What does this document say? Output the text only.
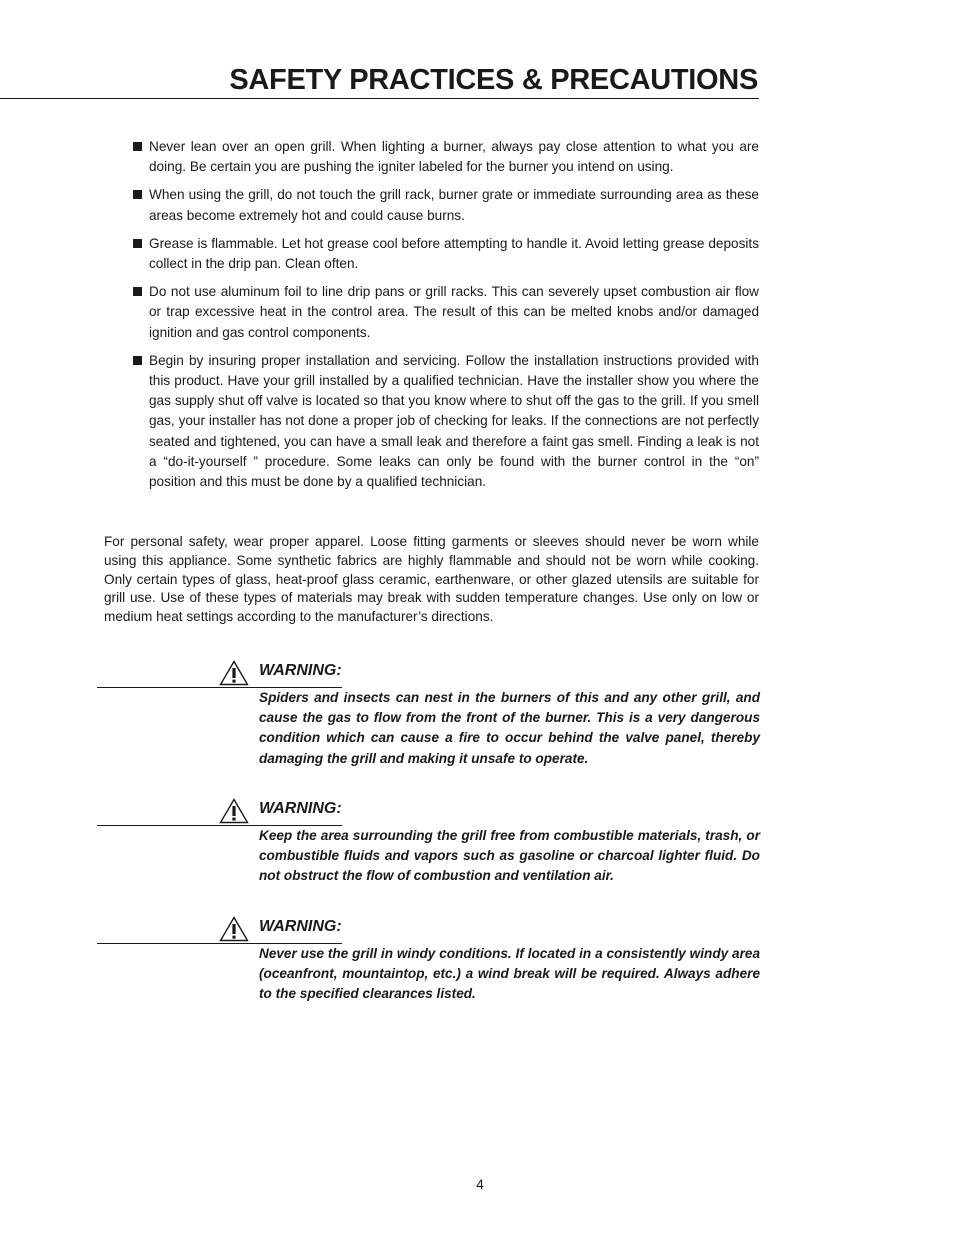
SAFETY PRACTICES & PRECAUTIONS
Never lean over an open grill. When lighting a burner, always pay close attention to what you are doing. Be certain you are pushing the igniter labeled for the burner you intend on using.
When using the grill, do not touch the grill rack, burner grate or immediate surrounding area as these areas become extremely hot and could cause burns.
Grease is flammable. Let hot grease cool before attempting to handle it. Avoid letting grease deposits collect in the drip pan. Clean often.
Do not use aluminum foil to line drip pans or grill racks. This can severely upset combustion air flow or trap excessive heat in the control area. The result of this can be melted knobs and/or damaged ignition and gas control components.
Begin by insuring proper installation and servicing. Follow the installation instructions provided with this product. Have your grill installed by a qualified technician. Have the installer show you where the gas supply shut off valve is located so that you know where to shut off the gas to the grill. If you smell gas, your installer has not done a proper job of checking for leaks. If the connections are not perfectly seated and tightened, you can have a small leak and therefore a faint gas smell. Finding a leak is not a “do-it-yourself ” procedure. Some leaks can only be found with the burner control in the “on” position and this must be done by a qualified technician.

For personal safety, wear proper apparel. Loose fitting garments or sleeves should never be worn while using this appliance. Some synthetic fabrics are highly flammable and should not be worn while cooking. Only certain types of glass, heat-proof glass ceramic, earthenware, or other glazed utensils are suitable for grill use. Use of these types of materials may break with sudden temperature changes. Use only on low or medium heat settings according to the manufacturer’s directions.

WARNING:

Spiders and insects can nest in the burners of this and any other grill, and cause the gas to flow from the front of the burner. This is a very dangerous condition which can cause a fire to occur behind the valve panel, thereby damaging the grill and making it unsafe to operate.

WARNING:

Keep the area surrounding the grill free from combustible materials, trash, or combustible fluids and vapors such as gasoline or charcoal lighter fluid. Do not obstruct the flow of combustion and ventilation air.

WARNING:

Never use the grill in windy conditions. If located in a consistently windy area (oceanfront, mountaintop, etc.) a wind break will be required. Always adhere to the specified clearances listed.

4
